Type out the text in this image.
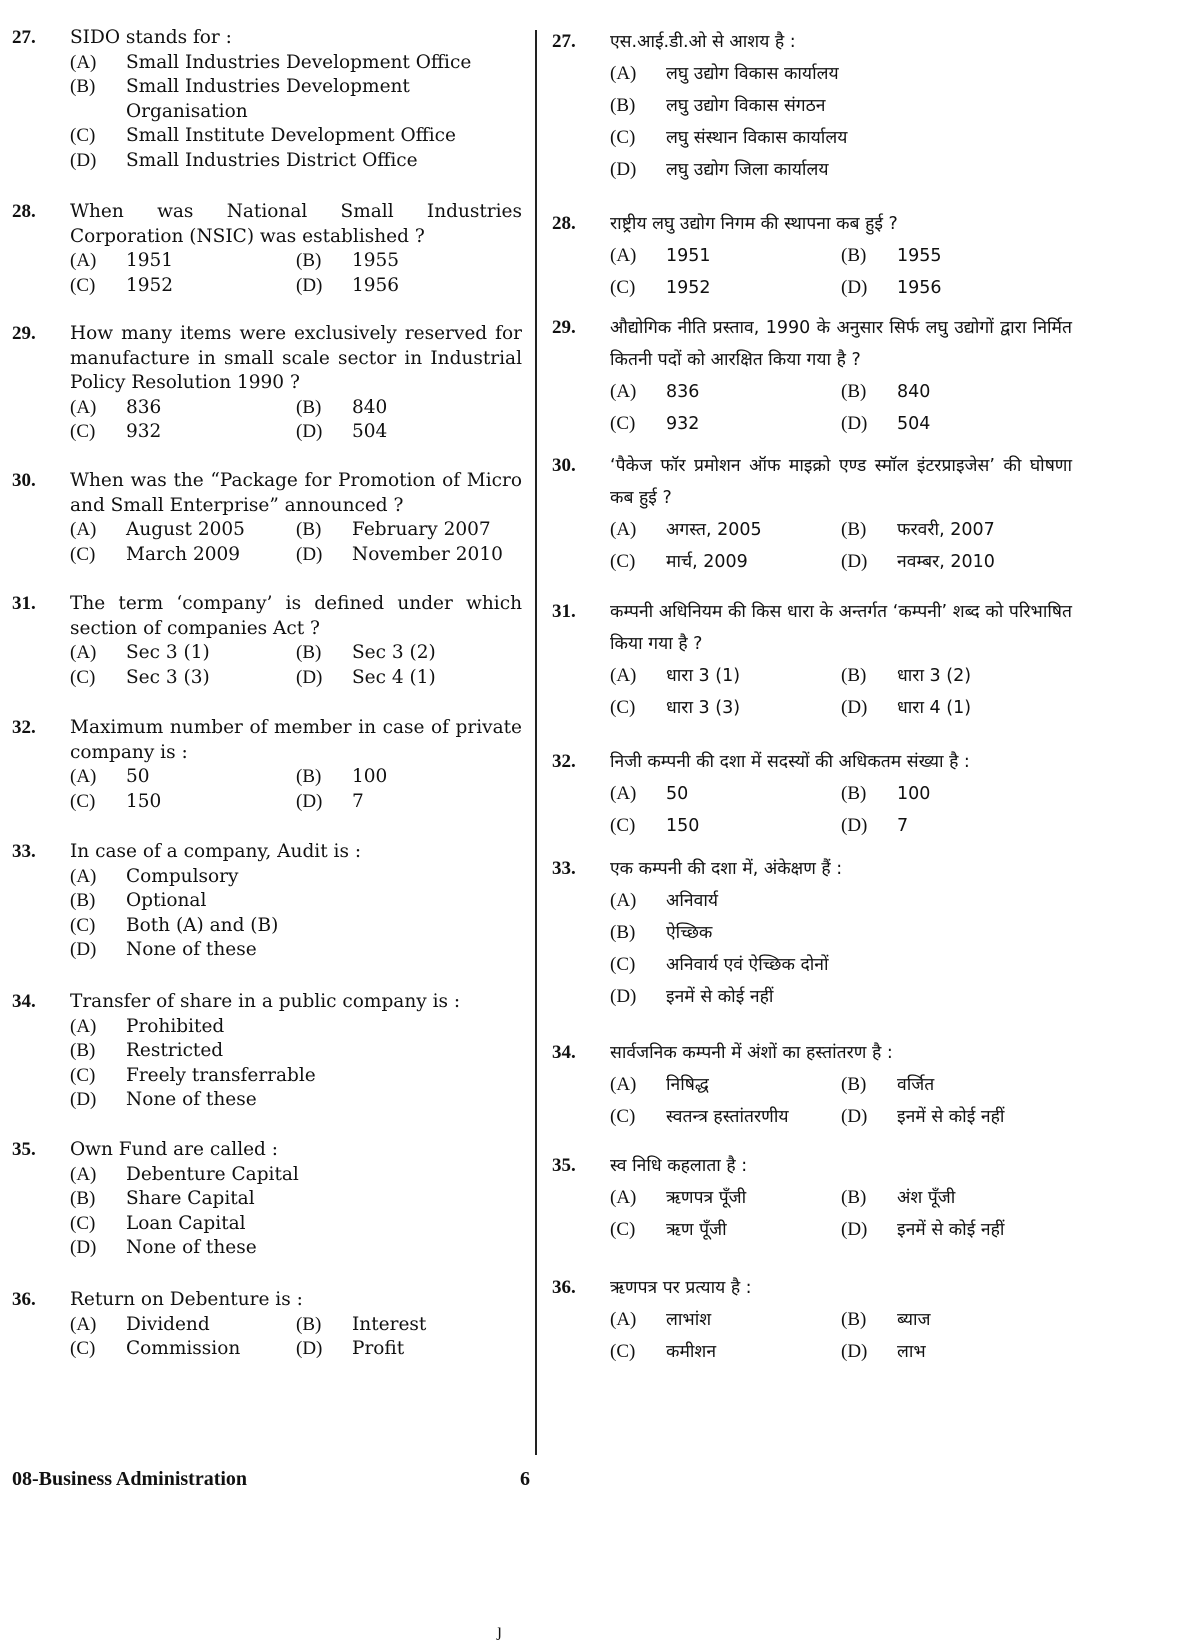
27.	SIDO stands for :
(A)	Small Industries Development Office
(B)	Small Industries Development Organisation
(C)	Small Institute Development Office
(D)	Small Industries District Office
28.	When was National Small Industries Corporation (NSIC) was established ?
(A)	1951	(B)	1955
(C)	1952	(D)	1956
29.	How many items were exclusively reserved for manufacture in small scale sector in Industrial Policy Resolution 1990 ?
(A)	836	(B)	840
(C)	932	(D)	504
30.	When was the “Package for Promotion of Micro and Small Enterprise” announced ?
(A)	August 2005	(B)	February 2007
(C)	March 2009	(D)	November 2010
31.	The term ‘company’ is defined under which section of companies Act ?
(A)	Sec 3 (1)	(B)	Sec 3 (2)
(C)	Sec 3 (3)	(D)	Sec 4 (1)
32.	Maximum number of member in case of private company is :
(A)	50	(B)	100
(C)	150	(D)	7
33.	In case of a company, Audit is :
(A)	Compulsory
(B)	Optional
(C)	Both (A) and (B)
(D)	None of these
34.	Transfer of share in a public company is :
(A)	Prohibited
(B)	Restricted
(C)	Freely transferrable
(D)	None of these
35.	Own Fund are called :
(A)	Debenture Capital
(B)	Share Capital
(C)	Loan Capital
(D)	None of these
36.	Return on Debenture is :
(A)	Dividend	(B)	Interest
(C)	Commission	(D)	Profit
27.	एस.आई.डी.ओ से आशय है :
(A)	लघु उद्योग विकास कार्यालय
(B)	लघु उद्योग विकास संगठन
(C)	लघु संस्थान विकास कार्यालय
(D)	लघु उद्योग जिला कार्यालय
28.	राष्ट्रीय लघु उद्योग निगम की स्थापना कब हुई ?
(A)	1951	(B)	1955
(C)	1952	(D)	1956
29.	औद्योगिक नीति प्रस्ताव, 1990 के अनुसार सिर्फ लघु उद्योगों द्वारा निर्मित कितनी पदों को आरक्षित किया गया है ?
(A)	836	(B)	840
(C)	932	(D)	504
30.	‘पैकेज फॉर प्रमोशन ऑफ माइक्रो एण्ड स्मॉल इंटरप्राइजेस’ की घोषणा कब हुई ?
(A)	अगस्त, 2005	(B)	फरवरी, 2007
(C)	मार्च, 2009	(D)	नवम्बर, 2010
31.	कम्पनी अधिनियम की किस धारा के अन्तर्गत ‘कम्पनी’ शब्द को परिभाषित किया गया है ?
(A)	धारा 3 (1)	(B)	धारा 3 (2)
(C)	धारा 3 (3)	(D)	धारा 4 (1)
32.	निजी कम्पनी की दशा में सदस्यों की अधिकतम संख्या है :
(A)	50	(B)	100
(C)	150	(D)	7
33.	एक कम्पनी की दशा में, अंकेक्षण हैं :
(A)	अनिवार्य
(B)	ऐच्छिक
(C)	अनिवार्य एवं ऐच्छिक दोनों
(D)	इनमें से कोई नहीं
34.	सार्वजनिक कम्पनी में अंशों का हस्तांतरण है :
(A)	निषिद्ध	(B)	वर्जित
(C)	स्वतन्त्र हस्तांतरणीय	(D)	इनमें से कोई नहीं
35.	स्व निधि कहलाता है :
(A)	ऋणपत्र पूँजी	(B)	अंश पूँजी
(C)	ऋण पूँजी	(D)	इनमें से कोई नहीं
36.	ऋणपत्र पर प्रत्याय है :
(A)	लाभांश	(B)	ब्याज
(C)	कमीशन	(D)	लाभ
08-Business Administration	6
ȷ
